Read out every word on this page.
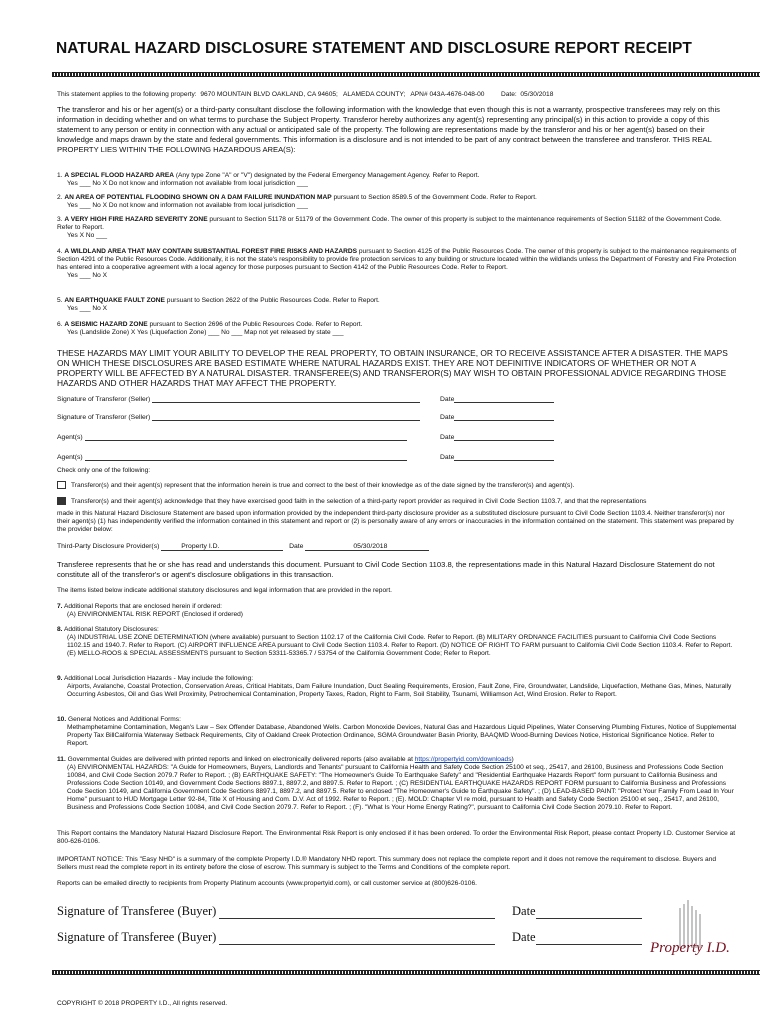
NATURAL HAZARD DISCLOSURE STATEMENT AND DISCLOSURE REPORT RECEIPT
This statement applies to the following property: 9670 MOUNTAIN BLVD OAKLAND, CA 94605; ALAMEDA COUNTY; APN# 043A-4676-048-00	Date: 05/30/2018
The transferor and his or her agent(s) or a third-party consultant disclose the following information with the knowledge that even though this is not a warranty, prospective transferees may rely on this information in deciding whether and on what terms to purchase the Subject Property. Transferor hereby authorizes any agent(s) representing any principal(s) in this action to provide a copy of this statement to any person or entity in connection with any actual or anticipated sale of the property. The following are representations made by the transferor and his or her agent(s) based on their knowledge and maps drawn by the state and federal governments. This information is a disclosure and is not intended to be part of any contract between the transferee and transferor. THIS REAL PROPERTY LIES WITHIN THE FOLLOWING HAZARDOUS AREA(S):
1. A SPECIAL FLOOD HAZARD AREA (Any type Zone "A" or "V") designated by the Federal Emergency Management Agency. Refer to Report.
Yes ___ No X Do not know and information not available from local jurisdiction ___
2. AN AREA OF POTENTIAL FLOODING SHOWN ON A DAM FAILURE INUNDATION MAP pursuant to Section 8589.5 of the Government Code. Refer to Report.
Yes ___ No X Do not know and information not available from local jurisdiction ___
3. A VERY HIGH FIRE HAZARD SEVERITY ZONE pursuant to Section 51178 or 51179 of the Government Code. The owner of this property is subject to the maintenance requirements of Section 51182 of the Government Code. Refer to Report.
Yes X No ___
4. A WILDLAND AREA THAT MAY CONTAIN SUBSTANTIAL FOREST FIRE RISKS AND HAZARDS pursuant to Section 4125 of the Public Resources Code. The owner of this property is subject to the maintenance requirements of Section 4291 of the Public Resources Code. Additionally, it is not the state's responsibility to provide fire protection services to any building or structure located within the wildlands unless the Department of Forestry and Fire Protection has entered into a cooperative agreement with a local agency for those purposes pursuant to Section 4142 of the Public Resources Code. Refer to Report.
Yes ___ No X
5. AN EARTHQUAKE FAULT ZONE pursuant to Section 2622 of the Public Resources Code. Refer to Report.
Yes ___ No X
6. A SEISMIC HAZARD ZONE pursuant to Section 2696 of the Public Resources Code. Refer to Report.
Yes (Landslide Zone) X Yes (Liquefaction Zone) ___ No ___ Map not yet released by state ___
THESE HAZARDS MAY LIMIT YOUR ABILITY TO DEVELOP THE REAL PROPERTY, TO OBTAIN INSURANCE, OR TO RECEIVE ASSISTANCE AFTER A DISASTER. THE MAPS ON WHICH THESE DISCLOSURES ARE BASED ESTIMATE WHERE NATURAL HAZARDS EXIST. THEY ARE NOT DEFINITIVE INDICATORS OF WHETHER OR NOT A PROPERTY WILL BE AFFECTED BY A NATURAL DISASTER. TRANSFEREE(S) AND TRANSFEROR(S) MAY WISH TO OBTAIN PROFESSIONAL ADVICE REGARDING THOSE HAZARDS AND OTHER HAZARDS THAT MAY AFFECT THE PROPERTY.
Signature of Transferor (Seller)	Date
Signature of Transferor (Seller)	Date
Agent(s)	Date
Agent(s)	Date
Check only one of the following:
Transferor(s) and their agent(s) represent that the information herein is true and correct to the best of their knowledge as of the date signed by the transferor(s) and agent(s).
Transferor(s) and their agent(s) acknowledge that they have exercised good faith in the selection of a third-party report provider as required in Civil Code Section 1103.7, and that the representations
made in this Natural Hazard Disclosure Statement are based upon information provided by the independent third-party disclosure provider as a substituted disclosure pursuant to Civil Code Section 1103.4. Neither transferor(s) nor their agent(s) (1) has independently verified the information contained in this statement and report or (2) is personally aware of any errors or inaccuracies in the information contained on the statement. This statement was prepared by the provider below:
Third-Party Disclosure Provider(s)	Property I.D.	Date	05/30/2018
Transferee represents that he or she has read and understands this document. Pursuant to Civil Code Section 1103.8, the representations made in this Natural Hazard Disclosure Statement do not constitute all of the transferor's or agent's disclosure obligations in this transaction.
The items listed below indicate additional statutory disclosures and legal information that are provided in the report.
7. Additional Reports that are enclosed herein if ordered:
(A) ENVIRONMENTAL RISK REPORT (Enclosed if ordered)
8. Additional Statutory Disclosures:
(A) INDUSTRIAL USE ZONE DETERMINATION (where available) pursuant to Section 1102.17 of the California Civil Code. Refer to Report. (B) MILITARY ORDNANCE FACILITIES pursuant to California Civil Code Sections 1102.15 and 1940.7. Refer to Report. (C) AIRPORT INFLUENCE AREA pursuant to Civil Code Section 1103.4. Refer to Report. (D) NOTICE OF RIGHT TO FARM pursuant to California Civil Code Section 1103.4. Refer to Report. (E) MELLO-ROOS & SPECIAL ASSESSMENTS pursuant to Section 53311-53365.7 / 53754 of the California Government Code; Refer to Report.
9. Additional Local Jurisdiction Hazards - May include the following:
Airports, Avalanche, Coastal Protection, Conservation Areas, Critical Habitats, Dam Failure Inundation, Duct Sealing Requirements, Erosion, Fault Zone, Fire, Groundwater, Landslide, Liquefaction, Methane Gas, Mines, Naturally Occurring Asbestos, Oil and Gas Well Proximity, Petrochemical Contamination, Property Taxes, Radon, Right to Farm, Soil Stability, Tsunami, Williamson Act, Wind Erosion. Refer to Report.
10. General Notices and Additional Forms:
Methamphetamine Contamination, Megan's Law – Sex Offender Database, Abandoned Wells. Carbon Monoxide Devices, Natural Gas and Hazardous Liquid Pipelines, Water Conserving Plumbing Fixtures, Notice of Supplemental Property Tax BillCalifornia Waterway Setback Requirements, City of Oakland Creek Protection Ordinance, SGMA Groundwater Basin Priority, BAAQMD Wood-Burning Devices Notice, Historical Significance Notice. Refer to Report.
11. Governmental Guides are delivered with printed reports and linked on electronically delivered reports (also available at https://propertyid.com/downloads)
(A) ENVIRONMENTAL HAZARDS: "A Guide for Homeowners, Buyers, Landlords and Tenants" pursuant to California Health and Safety Code Section 25100 et seq., 25417, and 26100, Business and Professions Code Section 10084, and Civil Code Section 2079.7 Refer to Report. ; (B) EARTHQUAKE SAFETY: "The Homeowner's Guide To Earthquake Safety" and "Residential Earthquake Hazards Report" form pursuant to California Business and Professions Code Section 10149, and Government Code Sections 8897.1, 8897.2, and 8897.5. Refer to Report. ; (C) RESIDENTIAL EARTHQUAKE HAZARDS REPORT FORM pursuant to California Business and Professions Code Section 10149, and California Government Code Sections 8897.1, 8897.2, and 8897.5. Refer to enclosed "The Homeowner's Guide to Earthquake Safety". ; (D) LEAD-BASED PAINT: "Protect Your Family From Lead In Your Home" pursuant to HUD Mortgage Letter 92-84, Title X of Housing and Com. D.V. Act of 1992. Refer to Report. ; (E). MOLD: Chapter VI re mold, pursuant to Health and Safety Code Section 25100 et seq., 25417, and 26100, Business and Professions Code Section 10084, and Civil Code Section 2079.7. Refer to Report. ; (F). "What Is Your Home Energy Rating?", pursuant to California Civil Code Section 2079.10. Refer to Report.
This Report contains the Mandatory Natural Hazard Disclosure Report. The Environmental Risk Report is only enclosed if it has been ordered. To order the Environmental Risk Report, please contact Property I.D. Customer Service at 800-626-0106.
IMPORTANT NOTICE: This "Easy NHD" is a summary of the complete Property I.D.® Mandatory NHD report. This summary does not replace the complete report and it does not remove the requirement to disclose. Buyers and Sellers must read the complete report in its entirety before the close of escrow. This summary is subject to the Terms and Conditions of the complete report.
Reports can be emailed directly to recipients from Property Platinum accounts (www.propertyid.com), or call customer service at (800)626-0106.
Signature of Transferee (Buyer)	Date
Signature of Transferee (Buyer)	Date
Property I.D.
COPYRIGHT © 2018 PROPERTY I.D., All rights reserved.
